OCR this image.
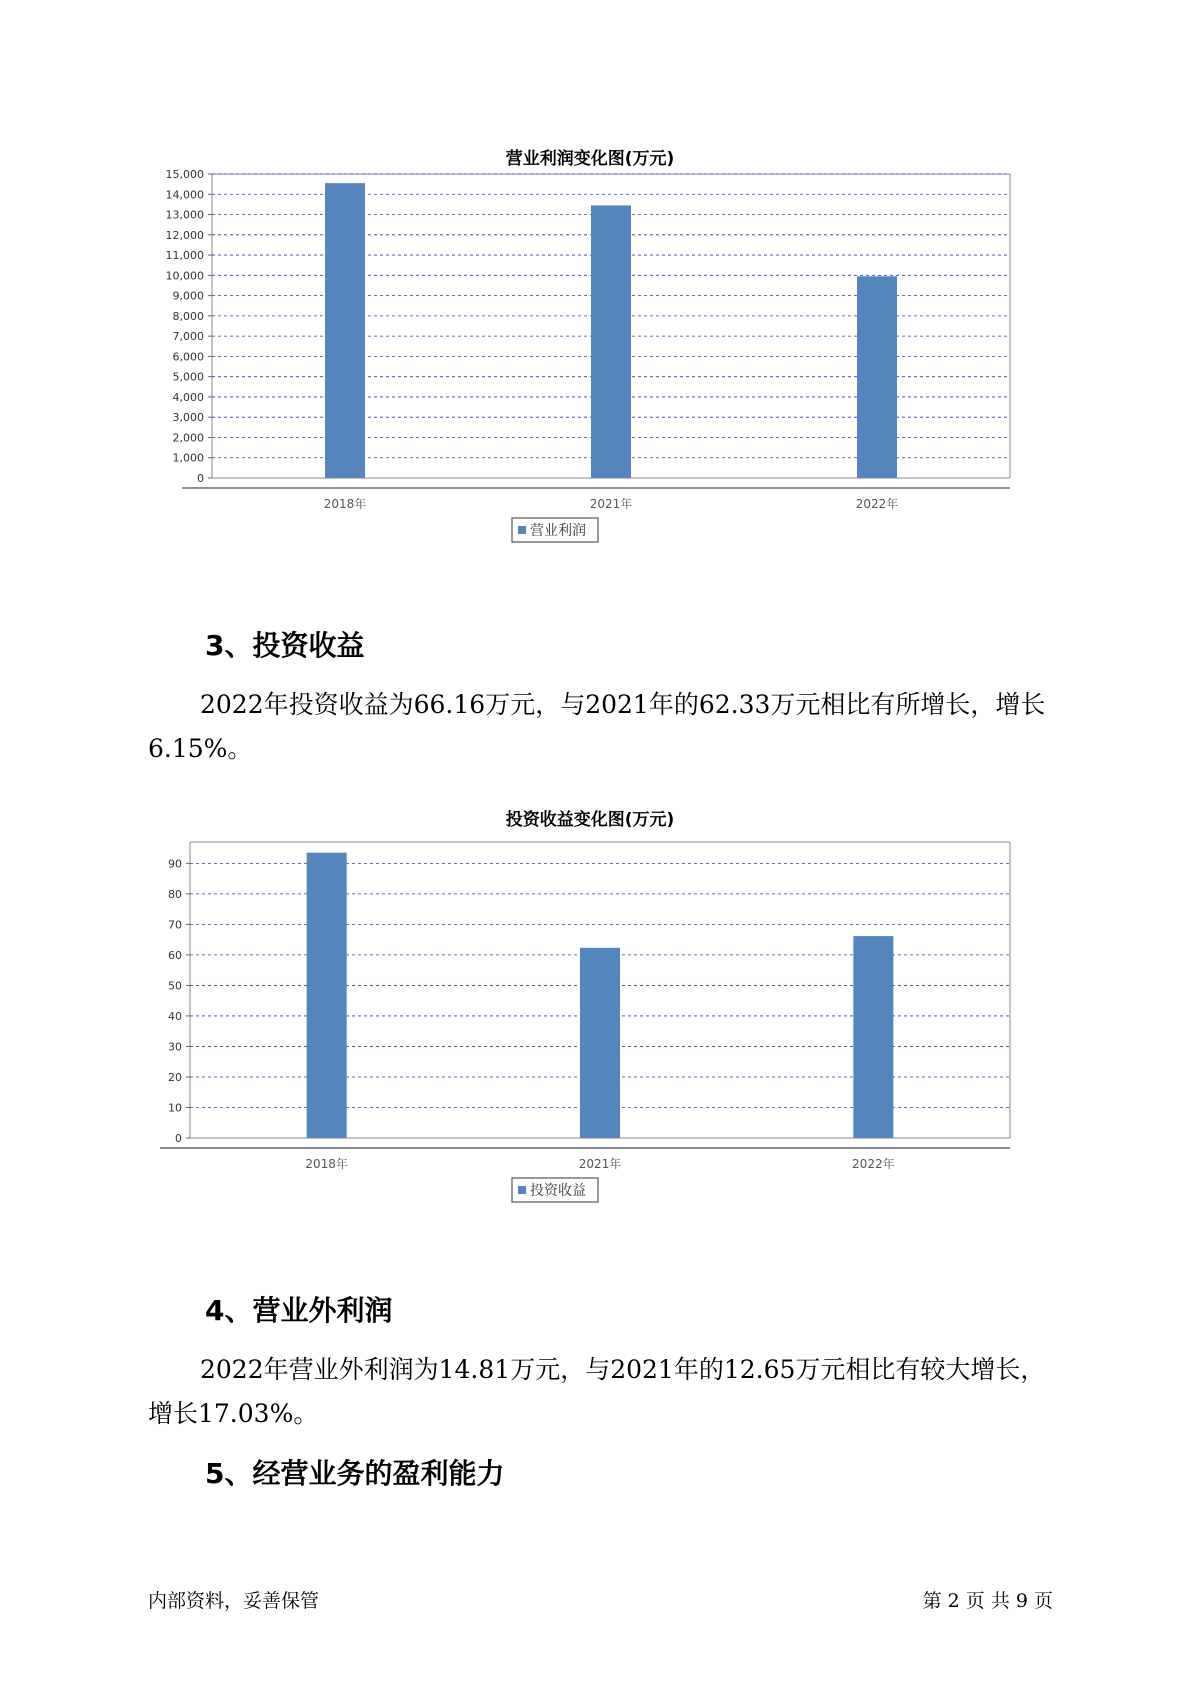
营业利润变化图(万元)
0
1,000
2,000
3,000
4,000
5,000
6,000
7,000
8,000
9,000
10,000
11,000
12,000
13,000
14,000
15,000
2018年	2021年	2022年
营业利润
3、投资收益
2022年投资收益为66.16万元，与2021年的62.33万元相比有所增长，增长6.15%。
投资收益变化图(万元)
0
10
20
30
40
50
60
70
80
90
2018年	2021年	2022年
投资收益
4、营业外利润
2022年营业外利润为14.81万元，与2021年的12.65万元相比有较大增长，增长17.03%。
5、经营业务的盈利能力
内部资料，妥善保管	第 2 页 共 9 页
